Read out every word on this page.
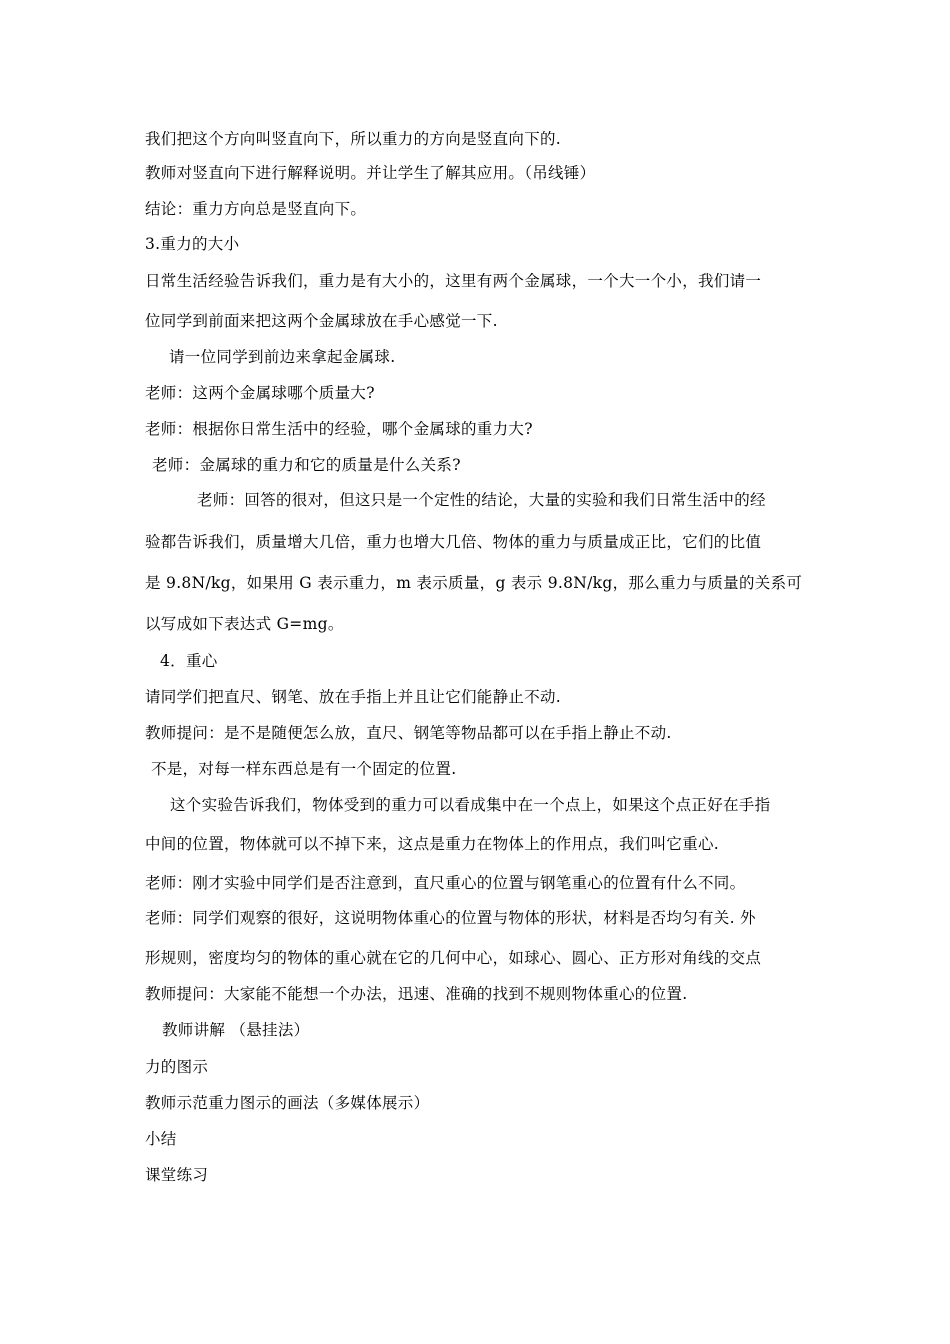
我们把这个方向叫竖直向下，所以重力的方向是竖直向下的.

教师对竖直向下进行解释说明。并让学生了解其应用。（吊线锤）

结论：重力方向总是竖直向下。

3.重力的大小

日常生活经验告诉我们，重力是有大小的，这里有两个金属球，一个大一个小，我们请一

位同学到前面来把这两个金属球放在手心感觉一下.

请一位同学到前边来拿起金属球.

老师：这两个金属球哪个质量大?

老师：根据你日常生活中的经验，哪个金属球的重力大?

老师：金属球的重力和它的质量是什么关系?

老师：回答的很对，但这只是一个定性的结论，大量的实验和我们日常生活中的经

验都告诉我们，质量增大几倍，重力也增大几倍、物体的重力与质量成正比，它们的比值

是 9.8N/kg，如果用 G 表示重力，m 表示质量，g 表示 9.8N/kg，那么重力与质量的关系可

以写成如下表达式 G=mg。

4．重心

请同学们把直尺、钢笔、放在手指上并且让它们能静止不动.

教师提问：是不是随便怎么放，直尺、钢笔等物品都可以在手指上静止不动.

不是，对每一样东西总是有一个固定的位置.

这个实验告诉我们，物体受到的重力可以看成集中在一个点上，如果这个点正好在手指

中间的位置，物体就可以不掉下来，这点是重力在物体上的作用点，我们叫它重心.

老师：刚才实验中同学们是否注意到，直尺重心的位置与钢笔重心的位置有什么不同。

老师：同学们观察的很好，这说明物体重心的位置与物体的形状，材料是否均匀有关. 外

形规则，密度均匀的物体的重心就在它的几何中心，如球心、圆心、正方形对角线的交点

教师提问：大家能不能想一个办法，迅速、准确的找到不规则物体重心的位置.

教师讲解 （悬挂法）

力的图示

教师示范重力图示的画法（多媒体展示）

小结

课堂练习
